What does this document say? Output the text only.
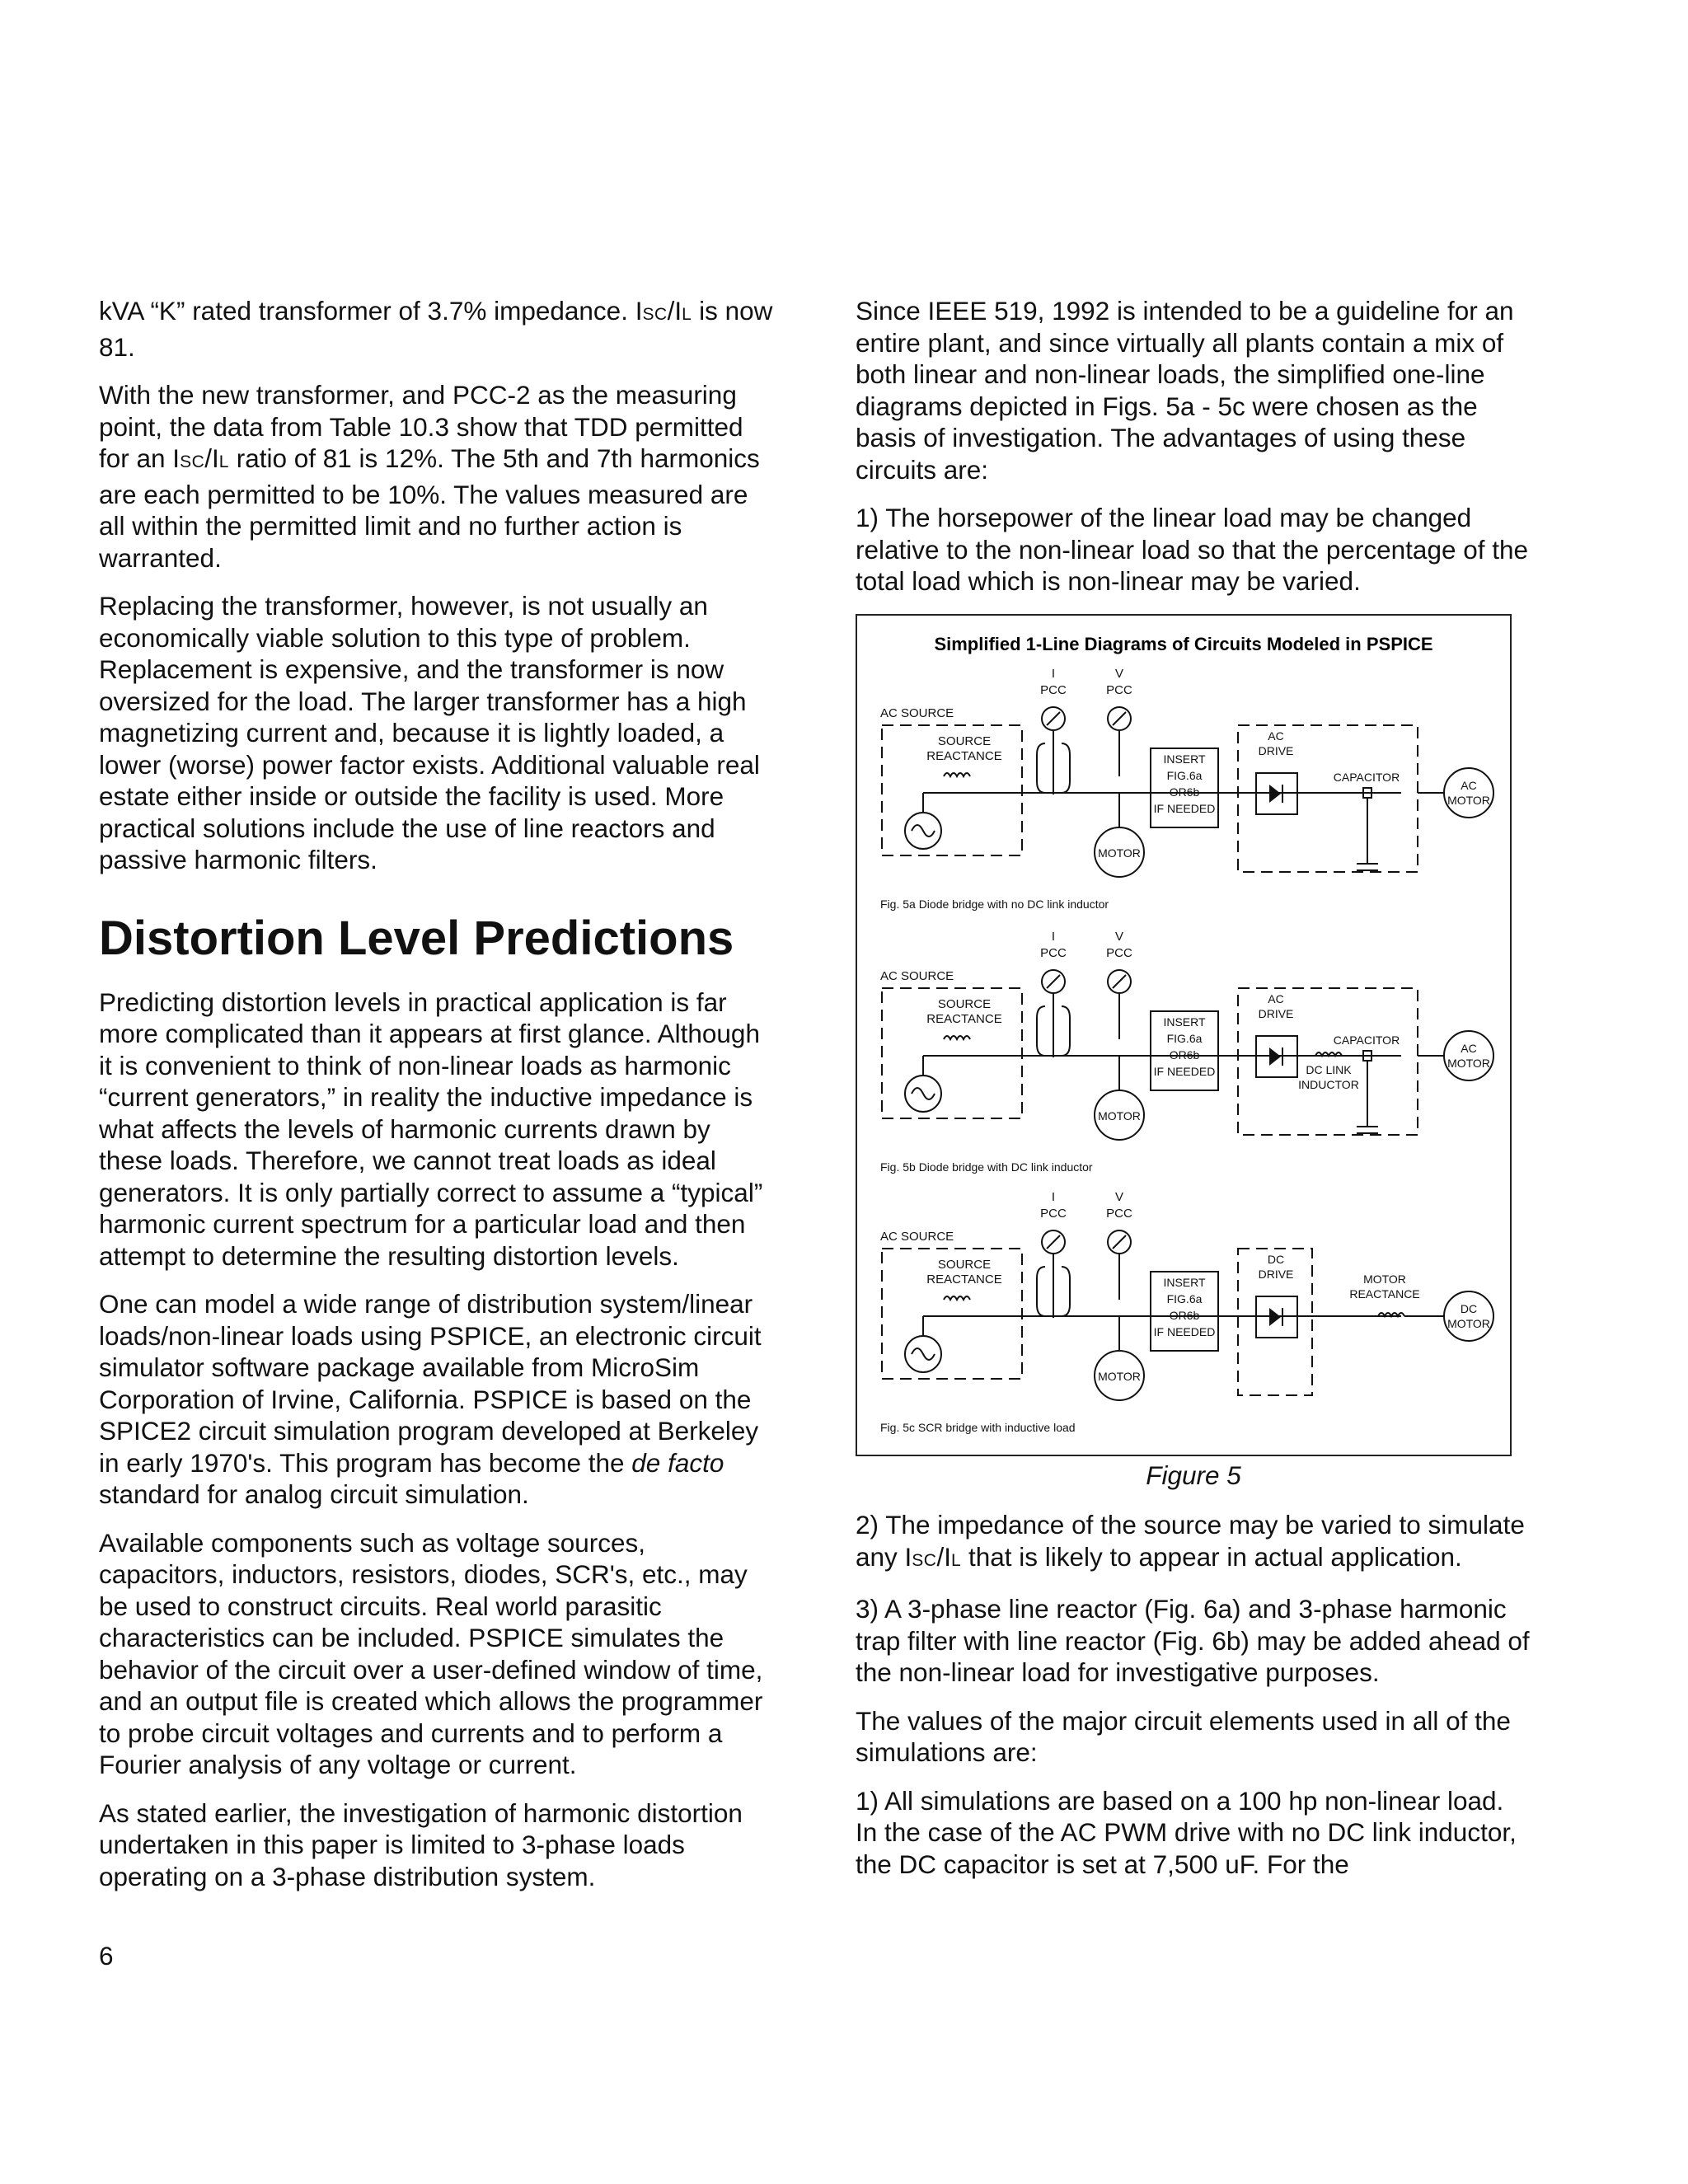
kVA “K” rated transformer of 3.7% impedance. ISC/IL is now 81.

With the new transformer, and PCC-2 as the measuring point, the data from Table 10.3 show that TDD permitted for an ISC/IL ratio of 81 is 12%. The 5th and 7th harmonics are each permitted to be 10%. The values measured are all within the permitted limit and no further action is warranted.

Replacing the transformer, however, is not usually an economically viable solution to this type of problem. Replacement is expensive, and the transformer is now oversized for the load. The larger transformer has a high magnetizing current and, because it is lightly loaded, a lower (worse) power factor exists. Additional valuable real estate either inside or outside the facility is used. More practical solutions include the use of line reactors and passive harmonic filters.

Distortion Level Predictions

Predicting distortion levels in practical application is far more complicated than it appears at first glance. Although it is convenient to think of non-linear loads as harmonic “current generators,” in reality the inductive impedance is what affects the levels of harmonic currents drawn by these loads. Therefore, we cannot treat loads as ideal generators. It is only partially correct to assume a “typical” harmonic current spectrum for a particular load and then attempt to determine the resulting distortion levels.

One can model a wide range of distribution system/linear loads/non-linear loads using PSPICE, an electronic circuit simulator software package available from MicroSim Corporation of Irvine, California. PSPICE is based on the SPICE2 circuit simulation program developed at Berkeley in early 1970's. This program has become the de facto standard for analog circuit simulation.

Available components such as voltage sources, capacitors, inductors, resistors, diodes, SCR's, etc., may be used to construct circuits. Real world parasitic characteristics can be included. PSPICE simulates the behavior of the circuit over a user-defined window of time, and an output file is created which allows the programmer to probe circuit voltages and currents and to perform a Fourier analysis of any voltage or current.

As stated earlier, the investigation of harmonic distortion undertaken in this paper is limited to 3-phase loads operating on a 3-phase distribution system.

Since IEEE 519, 1992 is intended to be a guideline for an entire plant, and since virtually all plants contain a mix of both linear and non-linear loads, the simplified one-line diagrams depicted in Figs. 5a - 5c were chosen as the basis of investigation. The advantages of using these circuits are:

1) The horsepower of the linear load may be changed relative to the non-linear load so that the percentage of the total load which is non-linear may be varied.

Simplified 1-Line Diagrams of Circuits Modeled in PSPICE
I
PCC
V
PCC
AC SOURCE
SOURCE
REACTANCE
MOTOR
INSERT
FIG.6a
OR6b
IF NEEDED
AC
DRIVE
CAPACITOR
AC
MOTOR
Fig. 5a Diode bridge with no DC link inductor
I
PCC
V
PCC
AC SOURCE
SOURCE
REACTANCE
MOTOR
INSERT
FIG.6a
OR6b
IF NEEDED
AC
DRIVE
CAPACITOR
DC LINK
INDUCTOR
AC
MOTOR
Fig. 5b Diode bridge with DC link inductor
I
PCC
V
PCC
AC SOURCE
SOURCE
REACTANCE
MOTOR
INSERT
FIG.6a
OR6b
IF NEEDED
DC
DRIVE	MOTOR
REACTANCE
DC
MOTOR
Fig. 5c SCR bridge with inductive load

Figure 5

2) The impedance of the source may be varied to simulate any ISC/IL that is likely to appear in actual application.

3) A 3-phase line reactor (Fig. 6a) and 3-phase harmonic trap filter with line reactor (Fig. 6b) may be added ahead of the non-linear load for investigative purposes.

The values of the major circuit elements used in all of the simulations are:

1) All simulations are based on a 100 hp non-linear load. In the case of the AC PWM drive with no DC link inductor, the DC capacitor is set at 7,500 uF. For the

6
